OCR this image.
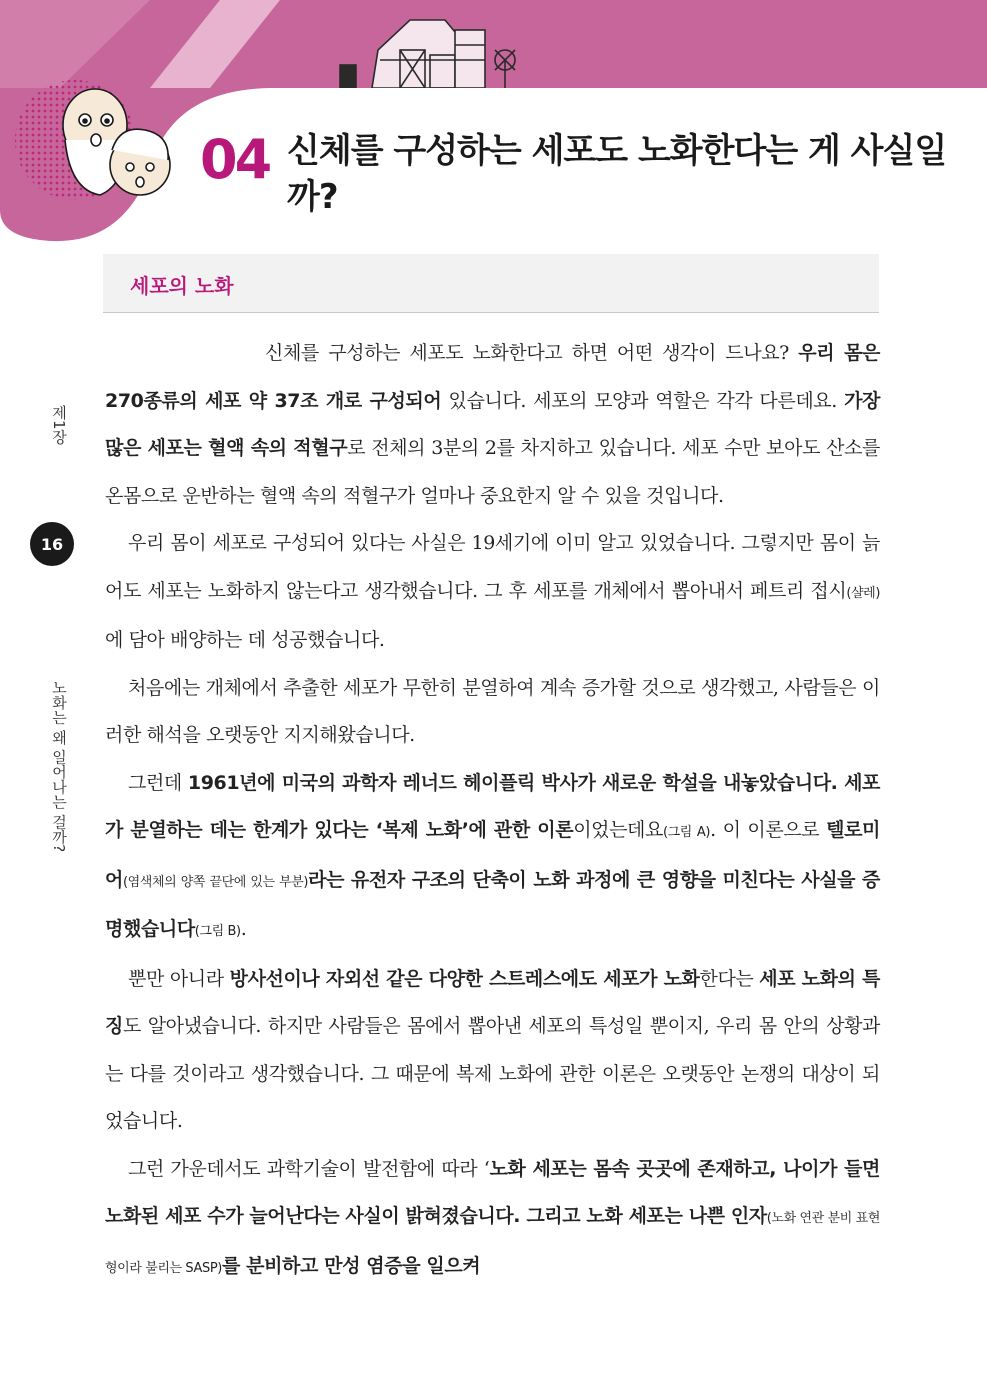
04 신체를 구성하는 세포도 노화한다는 게 사실일까?
세포의 노화
제1장
16
노화는 왜 일어나는 걸까?

신체를 구성하는 세포도 노화한다고 하면 어떤 생각이 드나요? 우리 몸은 270종류의 세포 약 37조 개로 구성되어 있습니다. 세포의 모양과 역할은 각각 다른데요. 가장 많은 세포는 혈액 속의 적혈구로 전체의 3분의 2를 차지하고 있습니다. 세포 수만 보아도 산소를 온몸으로 운반하는 혈액 속의 적혈구가 얼마나 중요한지 알 수 있을 것입니다.

우리 몸이 세포로 구성되어 있다는 사실은 19세기에 이미 알고 있었습니다. 그렇지만 몸이 늙어도 세포는 노화하지 않는다고 생각했습니다. 그 후 세포를 개체에서 뽑아내서 페트리 접시(샬레)에 담아 배양하는 데 성공했습니다.

처음에는 개체에서 추출한 세포가 무한히 분열하여 계속 증가할 것으로 생각했고, 사람들은 이러한 해석을 오랫동안 지지해왔습니다.

그런데 1961년에 미국의 과학자 레너드 헤이플릭 박사가 새로운 학설을 내놓았습니다. 세포가 분열하는 데는 한계가 있다는 ‘복제 노화’에 관한 이론이었는데요(그림 A). 이 이론으로 텔로미어(염색체의 양쪽 끝단에 있는 부분)라는 유전자 구조의 단축이 노화 과정에 큰 영향을 미친다는 사실을 증명했습니다(그림 B).

뿐만 아니라 방사선이나 자외선 같은 다양한 스트레스에도 세포가 노화한다는 세포 노화의 특징도 알아냈습니다. 하지만 사람들은 몸에서 뽑아낸 세포의 특성일 뿐이지, 우리 몸 안의 상황과는 다를 것이라고 생각했습니다. 그 때문에 복제 노화에 관한 이론은 오랫동안 논쟁의 대상이 되었습니다.

그런 가운데서도 과학기술이 발전함에 따라 ‘노화 세포는 몸속 곳곳에 존재하고, 나이가 들면 노화된 세포 수가 늘어난다는 사실이 밝혀졌습니다. 그리고 노화 세포는 나쁜 인자(노화 연관 분비 표현형이라 불리는 SASP)를 분비하고 만성 염증을 일으켜
